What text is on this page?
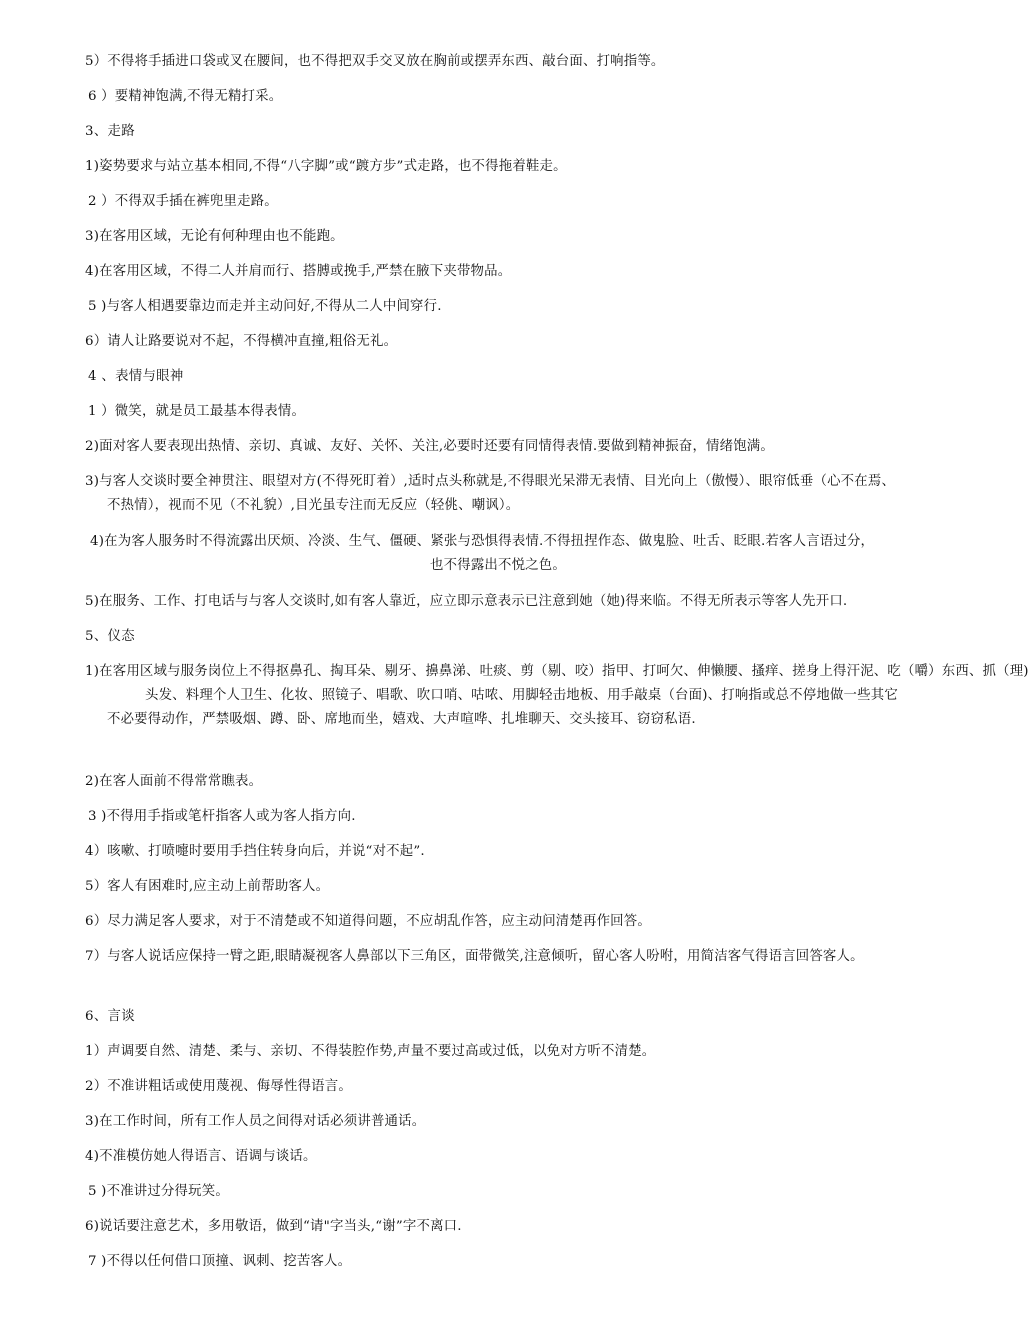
5）不得将手插进口袋或叉在腰间，也不得把双手交叉放在胸前或摆弄东西、敲台面、打响指等。
6 ）要精神饱满,不得无精打采。
3、走路
1)姿势要求与站立基本相同,不得“八字脚”或“踱方步”式走路，也不得拖着鞋走。
2 ）不得双手插在裤兜里走路。
3)在客用区域，无论有何种理由也不能跑。
4)在客用区域，不得二人并肩而行、搭膊或挽手,严禁在腋下夹带物品。
5 )与客人相遇要靠边而走并主动问好,不得从二人中间穿行.
6）请人让路要说对不起，不得横冲直撞,粗俗无礼。
4 、表情与眼神
1 ）微笑，就是员工最基本得表情。
2)面对客人要表现出热情、亲切、真诚、友好、关怀、关注,必要时还要有同情得表情.要做到精神振奋，情绪饱满。
3)与客人交谈时要全神贯注、眼望对方(不得死盯着）,适时点头称就是,不得眼光呆滞无表情、目光向上（傲慢）、眼帘低垂（心不在焉、不热情），视而不见（不礼貌）,目光虽专注而无反应（轻佻、嘲讽）。
4)在为客人服务时不得流露出厌烦、冷淡、生气、僵硬、紧张与恐惧得表情.不得扭捏作态、做鬼脸、吐舌、眨眼.若客人言语过分，
也不得露出不悦之色。
5)在服务、工作、打电话与与客人交谈时,如有客人靠近，应立即示意表示已注意到她（她)得来临。不得无所表示等客人先开口.
5、仪态
1)在客用区域与服务岗位上不得抠鼻孔、掏耳朵、剔牙、擤鼻涕、吐痰、剪（剔、咬）指甲、打呵欠、伸懒腰、搔痒、搓身上得汗泥、吃（嚼）东西、抓（理)
头发、料理个人卫生、化妆、照镜子、唱歌、吹口哨、咕哝、用脚轻击地板、用手敲桌（台面)、打响指或总不停地做一些其它不必要得动作，严禁吸烟、蹲、卧、席地而坐，嬉戏、大声喧哗、扎堆聊天、交头接耳、窃窃私语.
2)在客人面前不得常常瞧表。
3 )不得用手指或笔杆指客人或为客人指方向.
4）咳嗽、打喷嚏时要用手挡住转身向后，并说“对不起”.
5）客人有困难时,应主动上前帮助客人。
6）尽力满足客人要求，对于不清楚或不知道得问题，不应胡乱作答，应主动问清楚再作回答。
7）与客人说话应保持一臂之距,眼睛凝视客人鼻部以下三角区，面带微笑,注意倾听，留心客人吩咐，用简洁客气得语言回答客人。
6、言谈
1）声调要自然、清楚、柔与、亲切、不得装腔作势,声量不要过高或过低，以免对方听不清楚。
2）不准讲粗话或使用蔑视、侮辱性得语言。
3)在工作时间，所有工作人员之间得对话必须讲普通话。
4)不准模仿她人得语言、语调与谈话。
5 )不准讲过分得玩笑。
6)说话要注意艺术，多用敬语，做到“请"字当头,“谢”字不离口.
7 )不得以任何借口顶撞、讽刺、挖苦客人。
